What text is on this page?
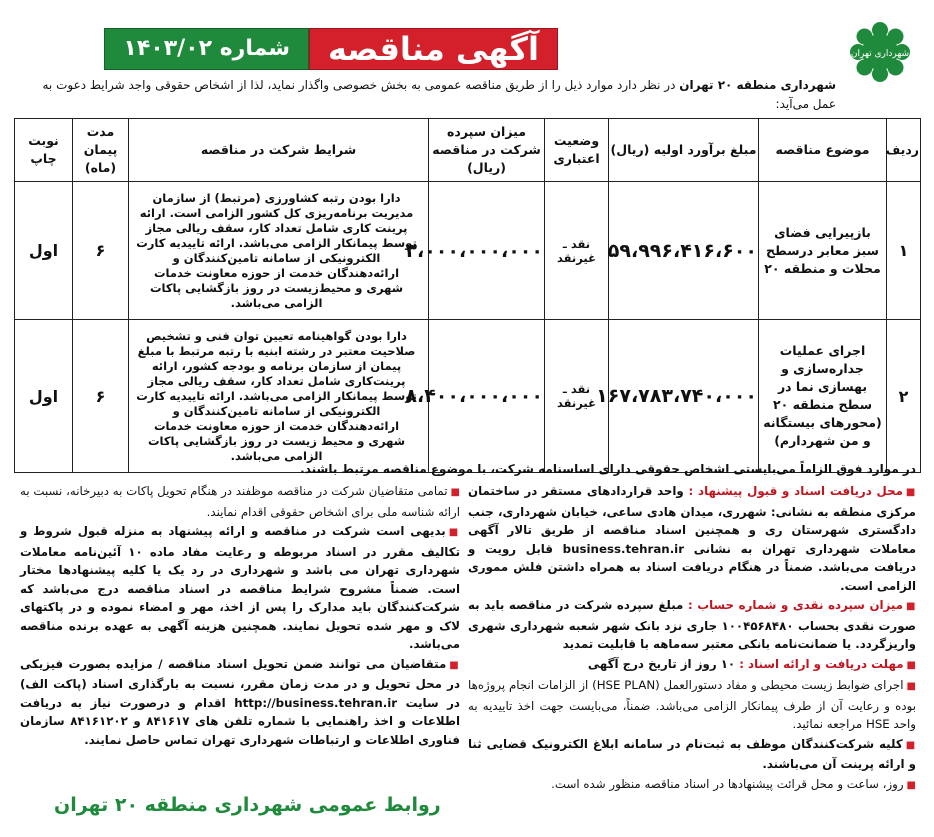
شهرداری تهران
آگهی مناقصه
شماره ۱۴۰۳/۰۲
شهرداری منطقه ۲۰ تهران در نظر دارد موارد ذیل را از طریق مناقصه عمومی به بخش خصوصی واگذار نماید، لذا از اشخاص حقوقی واجد شرایط دعوت به عمل می‌آید:
ردیف	موضوع مناقصه	مبلغ برآورد اولیه (ریال)	وضعیت اعتباری	میزان سپرده شرکت در مناقصه (ریال)	شرایط شرکت در مناقصه	مدت پیمان (ماه)	نوبت چاپ
۱	بازپیرایی فضای سبز معابر درسطح محلات و منطقه ۲۰	۵۹،۹۹۶،۴۱۶،۶۰۰	نقد ـ غیرنقد	۳،۰۰۰،۰۰۰،۰۰۰	دارا بودن رتبه کشاورزی (مرتبط) از سازمان مدیریت برنامه‌ریزی کل کشور الزامی است. ارائه پرینت کاری شامل تعداد کار، سقف ریالی مجاز توسط پیمانکار الزامی می‌باشد. ارائه تاییدیه کارت الکترونیکی از سامانه تامین‌کنندگان و ارائه‌دهندگان خدمت از حوزه معاونت خدمات شهری و محیط‌زیست در روز بازگشایی پاکات الزامی می‌باشد.	۶	اول
۲	اجرای عملیات جداره‌سازی و بهسازی نما در سطح منطقه ۲۰ (محورهای بیستگانه و من شهردارم)	۱۶۷،۷۸۳،۷۴۰،۰۰۰	نقد ـ غیرنقد	۸،۴۰۰،۰۰۰،۰۰۰	دارا بودن گواهینامه تعیین توان فنی و تشخیص صلاحیت معتبر در رشته ابنیه با رتبه مرتبط با مبلغ پیمان از سازمان برنامه و بودجه کشور، ارائه پرینت‌کاری شامل تعداد کار، سقف ریالی مجاز توسط پیمانکار الزامی می‌باشد. ارائه تاییدیه کارت الکترونیکی از سامانه تامین‌کنندگان و ارائه‌دهندگان خدمت از حوزه معاونت خدمات شهری و محیط زیست در روز بازگشایی پاکات الزامی می‌باشد.	۶	اول
در موارد فوق الزاماً می‌بایستی اشخاص حقوقی دارای اساسنامه شرکت، با موضوع مناقصه مرتبط باشند.

■محل دریافت اسناد و قبول پیشنهاد : واحد قراردادهای مستقر در ساختمان مرکزی منطقه به نشانی: شهرری، میدان هادی ساعی، خیابان شهرداری، جنب دادگستری شهرستان ری و همچنین اسناد مناقصه از طریق تالار آگهی معاملات شهرداری تهران به نشانی business.tehran.ir قابل رویت و دریافت می‌باشد. ضمناً در هنگام دریافت اسناد به همراه داشتن فلش مموری الزامی است.

■میزان سپرده نقدی و شماره حساب : مبلغ سپرده شرکت در مناقصه باید به صورت نقدی بحساب ۱۰۰۴۵۶۸۴۸۰ جاری نزد بانک شهر شعبه شهرداری شهری واریزگردد. یا ضمانت‌نامه بانکی معتبر سه‌ماهه با قابلیت تمدید

■مهلت دریافت و ارائه اسناد : ۱۰ روز از تاریخ درج آگهی

■اجرای ضوابط زیست محیطی و مفاد دستورالعمل (HSE PLAN) از الزامات انجام پروژه‌ها بوده و رعایت آن از طرف پیمانکار الزامی می‌باشد. ضمناً، می‌بایست جهت اخذ تاییدیه به واحد HSE مراجعه نمائید.

■کلیه شرکت‌کنندگان موظف به ثبت‌نام در سامانه ابلاغ الکترونیک قضایی ثنا و ارائه پرینت آن می‌باشند.

■روز، ساعت و محل قرائت پیشنهادها در اسناد مناقصه منظور شده است.

■تمامی متقاضیان شرکت در مناقصه موظفند در هنگام تحویل پاکات به دبیرخانه، نسبت به ارائه شناسه ملی برای اشخاص حقوقی اقدام نمایند.

■بدیهی است شرکت در مناقصه و ارائه پیشنهاد به منزله قبول شروط و تکالیف مقرر در اسناد مربوطه و رعایت مفاد ماده ۱۰ آئین‌نامه معاملات شهرداری تهران می باشد و شهرداری در رد یک یا کلیه پیشنهادها مختار است. ضمناً مشروح شرایط مناقصه در اسناد مناقصه درج می‌باشد که شرکت‌کنندگان باید مدارک را پس از اخذ، مهر و امضاء نموده و در پاکتهای لاک و مهر شده تحویل نمایند. همچنین هزینه آگهی به عهده برنده مناقصه می‌باشد.

■متقاضیان می توانند ضمن تحویل اسناد مناقصه / مزایده بصورت فیزیکی در محل تحویل و در مدت زمان مقرر، نسبت به بارگذاری اسناد (پاکت الف) در سایت http://business.tehran.ir اقدام و درصورت نیاز به دریافت اطلاعات و اخذ راهنمایی با شماره تلفن های ۸۴۱۶۱۷ و ۸۴۱۶۱۲۰۲ سازمان فناوری اطلاعات و ارتباطات شهرداری تهران تماس حاصل نمایند.

روابط عمومی شهرداری منطقه ۲۰ تهران
